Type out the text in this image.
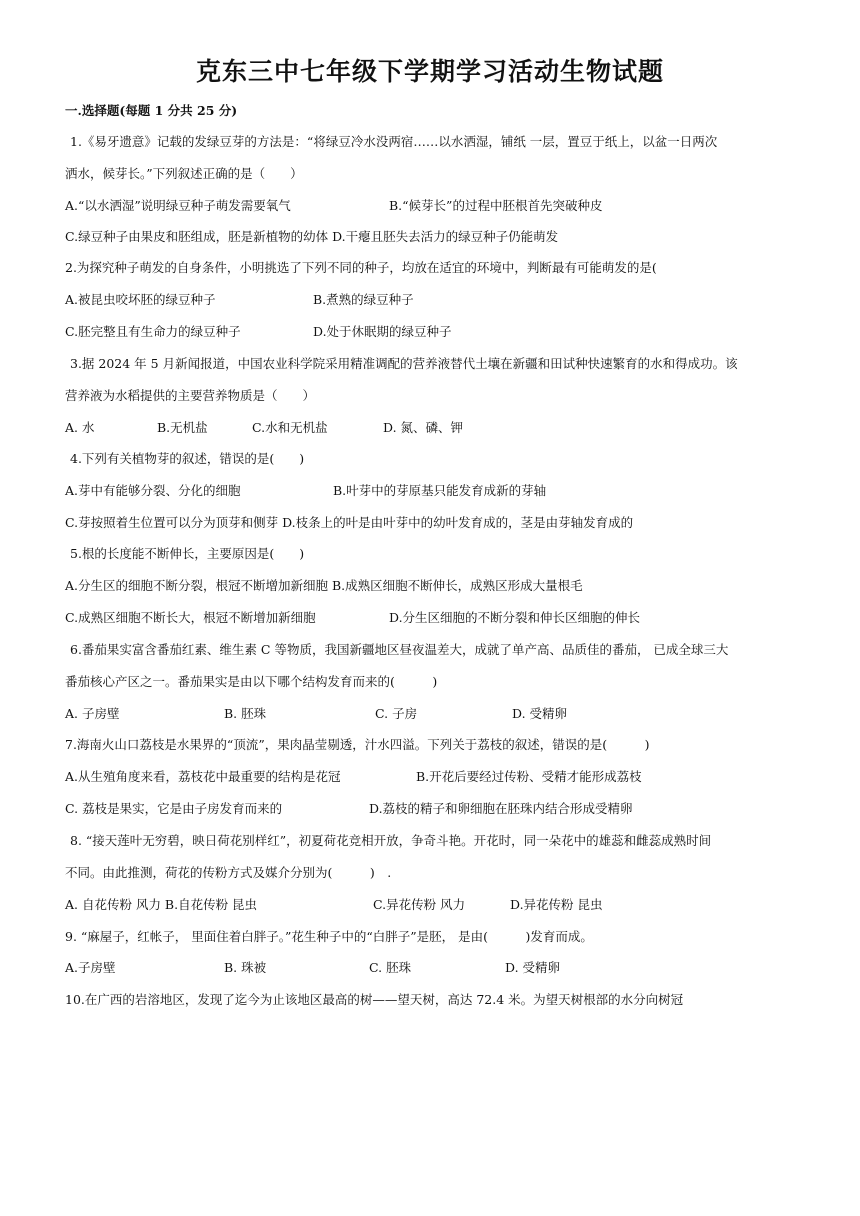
克东三中七年级下学期学习活动生物试题
一.选择题(每题 1 分共 25 分)
1.《易牙遗意》记载的发绿豆芽的方法是：“将绿豆冷水没两宿……以水洒湿，铺纸 一层，置豆于纸上，以盆一日两次
洒水，候芽长。”下列叙述正确的是（　　）
A.“以水洒湿”说明绿豆种子萌发需要氧气	B.“候芽长”的过程中胚根首先突破种皮
C.绿豆种子由果皮和胚组成，胚是新植物的幼体 D.干瘪且胚失去活力的绿豆种子仍能萌发
2.为探究种子萌发的自身条件，小明挑选了下列不同的种子，均放在适宜的环境中，判断最有可能萌发的是(
A.被昆虫咬坏胚的绿豆种子	B.煮熟的绿豆种子
C.胚完整且有生命力的绿豆种子	D.处于休眠期的绿豆种子
3.据 2024 年 5 月新闻报道，中国农业科学院采用精准调配的营养液替代土壤在新疆和田试种快速繁育的水和得成功。该
营养液为水稻提供的主要营养物质是（　　）
A. 水	B.无机盐	C.水和无机盐	D. 氮、磷、钾
4.下列有关植物芽的叙述，错误的是(　　)
A.芽中有能够分裂、分化的细胞	B.叶芽中的芽原基只能发育成新的芽轴
C.芽按照着生位置可以分为顶芽和侧芽 D.枝条上的叶是由叶芽中的幼叶发育成的，茎是由芽轴发育成的
5.根的长度能不断伸长，主要原因是(　　)
A.分生区的细胞不断分裂，根冠不断增加新细胞 B.成熟区细胞不断伸长，成熟区形成大量根毛
C.成熟区细胞不断长大，根冠不断增加新细胞	D.分生区细胞的不断分裂和伸长区细胞的伸长
6.番茄果实富含番茄红素、维生素 C 等物质，我国新疆地区昼夜温差大，成就了单产高、品质佳的番茄， 已成全球三大
番茄核心产区之一。番茄果实是由以下哪个结构发育而来的(　　　)
A. 子房壁	B. 胚珠	C. 子房	D. 受精卵
7.海南火山口荔枝是水果界的“顶流”，果肉晶莹剔透，汁水四溢。下列关于荔枝的叙述，错误的是(　　　)
A.从生殖角度来看，荔枝花中最重要的结构是花冠	B.开花后要经过传粉、受精才能形成荔枝
C. 荔枝是果实，它是由子房发育而来的	D.荔枝的精子和卵细胞在胚珠内结合形成受精卵
8. “接天莲叶无穷碧，映日荷花别样红”，初夏荷花竞相开放，争奇斗艳。开花时，同一朵花中的雄蕊和雌蕊成熟时间
不同。由此推测，荷花的传粉方式及媒介分别为(　　　)　.
A. 自花传粉 风力 B.自花传粉 昆虫	C.异花传粉 风力	D.异花传粉 昆虫
9. “麻屋子，红帐子， 里面住着白胖子。”花生种子中的“白胖子”是胚， 是由(　　　)发育而成。
A.子房壁	B. 珠被	C. 胚珠	D. 受精卵
10.在广西的岩溶地区，发现了迄今为止该地区最高的树——望天树，高达 72.4 米。为望天树根部的水分向树冠
